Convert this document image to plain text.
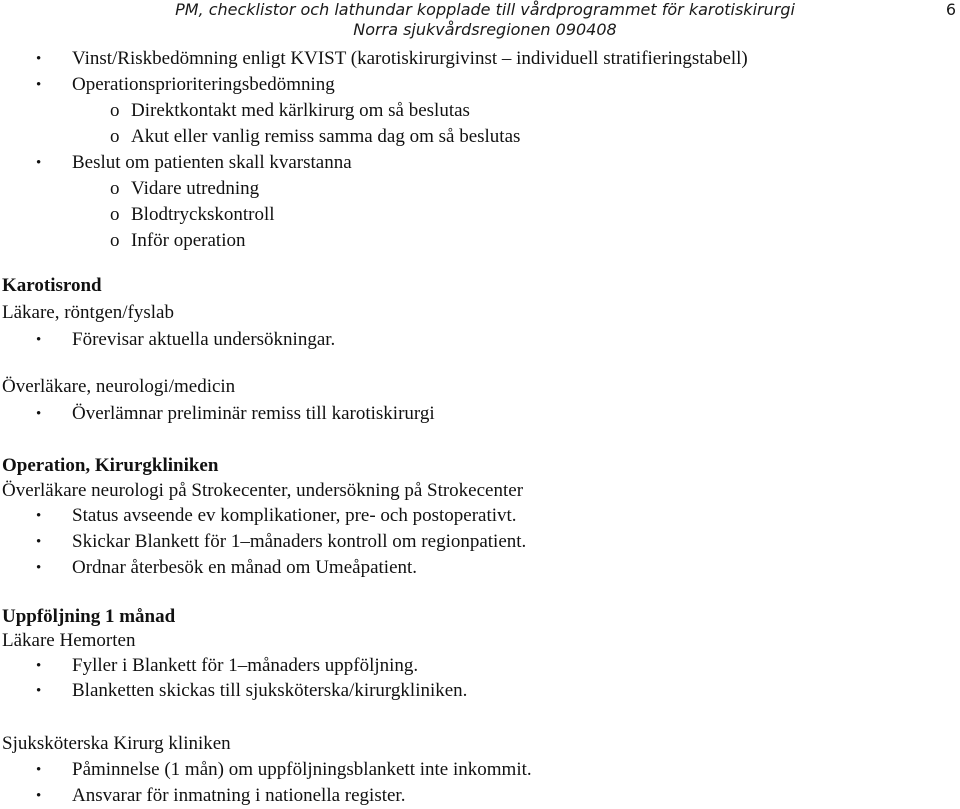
PM, checklistor och lathundar kopplade till vårdprogrammet för karotiskirurgi
Norra sjukvårdsregionen 090408
6
• Vinst/Riskbedömning enligt KVIST (karotiskirurgivinst – individuell stratifieringstabell)
• Operationsprioriteringsbedömning
o Direktkontakt med kärlkirurg om så beslutas
o Akut eller vanlig remiss samma dag om så beslutas
• Beslut om patienten skall kvarstanna
o Vidare utredning
o Blodtryckskontroll
o Inför operation
Karotisrond
Läkare, röntgen/fyslab
• Förevisar aktuella undersökningar.
Överläkare, neurologi/medicin
• Överlämnar preliminär remiss till karotiskirurgi
Operation, Kirurgkliniken
Överläkare neurologi på Strokecenter, undersökning på Strokecenter
• Status avseende ev komplikationer, pre- och postoperativt.
• Skickar Blankett för 1–månaders kontroll om regionpatient.
• Ordnar återbesök en månad om Umeåpatient.
Uppföljning 1 månad
Läkare Hemorten
• Fyller i Blankett för 1–månaders uppföljning.
• Blanketten skickas till sjuksköterska/kirurgkliniken.
Sjuksköterska Kirurg kliniken
• Påminnelse (1 mån) om uppföljningsblankett inte inkommit.
• Ansvarar för inmatning i nationella register.
